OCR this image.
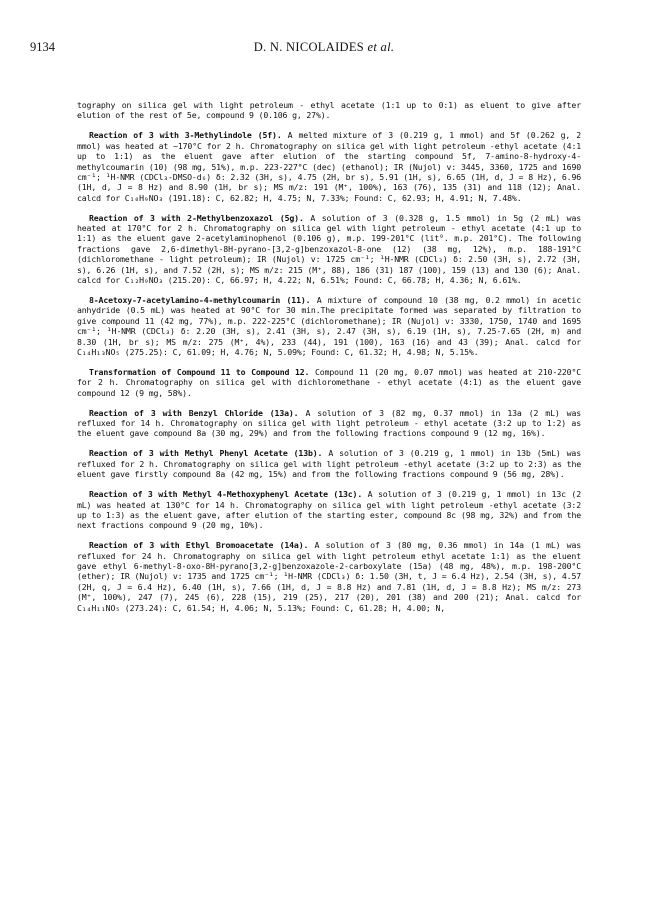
9134	D. N. NICOLAIDES et al.

tography on silica gel with light petroleum - ethyl acetate (1:1 up to 0:1) as eluent to give after elution of the rest of 5e, compound 9 (0.106 g, 27%).

Reaction of 3 with 3-Methylindole (5f). A melted mixture of 3 (0.219 g, 1 mmol) and 5f (0.262 g, 2 mmol) was heated at ~170°C for 2 h. Chromatography on silica gel with light petroleum -ethyl acetate (4:1 up to 1:1) as the eluent gave after elution of the starting compound 5f, 7-amino-8-hydroxy-4-methylcoumarin (10) (98 mg, 51%), m.p. 223-227°C (dec) (ethanol); IR (Nujol) v: 3445, 3360, 1725 and 1690 cm⁻¹; ¹H-NMR (CDCl₃-DMSO-d₆) δ: 2.32 (3H, s), 4.75 (2H, br s), 5.91 (1H, s), 6.65 (1H, d, J = 8 Hz), 6.96 (1H, d, J = 8 Hz) and 8.90 (1H, br s); MS m/z: 191 (M⁺, 100%), 163 (76), 135 (31) and 118 (12); Anal. calcd for C₁₀H₉NO₃ (191.18): C, 62.82; H, 4.75; N, 7.33%; Found: C, 62.93; H, 4.91; N, 7.48%.

Reaction of 3 with 2-Methylbenzoxazol (5g). A solution of 3 (0.328 g, 1.5 mmol) in 5g (2 mL) was heated at 170°C for 2 h. Chromatography on silica gel with light petroleum - ethyl acetate (4:1 up to 1:1) as the eluent gave 2-acetylaminophenol (0.106 g), m.p. 199-201°C (lit⁹. m.p. 201°C). The following fractions gave 2,6-dimethyl-8H-pyrano-[3,2-g]benzoxazol-8-one (12) (38 mg, 12%), m.p. 188-191°C (dichloromethane - light petroleum); IR (Nujol) v: 1725 cm⁻¹; ¹H-NMR (CDCl₃) δ: 2.50 (3H, s), 2.72 (3H, s), 6.26 (1H, s), and 7.52 (2H, s); MS m/z: 215 (M⁺, 88), 186 (31) 187 (100), 159 (13) and 130 (6); Anal. calcd for C₁₂H₉NO₃ (215.20): C, 66.97; H, 4.22; N, 6.51%; Found: C, 66.78; H, 4.36; N, 6.61%.

8-Acetoxy-7-acetylamino-4-methylcoumarin (11). A mixture of compound 10 (38 mg, 0.2 mmol) in acetic anhydride (0.5 mL) was heated at 90°C for 30 min.The precipitate formed was separated by filtration to give compound 11 (42 mg, 77%), m.p. 222-225°C (dichloromethane); IR (Nujol) v: 3330, 1750, 1740 and 1695 cm⁻¹; ¹H-NMR (CDCl₃) δ: 2.20 (3H, s), 2.41 (3H, s), 2.47 (3H, s), 6.19 (1H, s), 7.25-7.65 (2H, m) and 8.30 (1H, br s); MS m/z: 275 (M⁺, 4%), 233 (44), 191 (100), 163 (16) and 43 (39); Anal. calcd for C₁₄H₁₃NO₅ (275.25): C, 61.09; H, 4.76; N, 5.09%; Found: C, 61.32; H, 4.98; N, 5.15%.

Transformation of Compound 11 to Compound 12. Compound 11 (20 mg, 0.07 mmol) was heated at 210-220°C for 2 h. Chromatography on silica gel with dichloromethane - ethyl acetate (4:1) as the eluent gave compound 12 (9 mg, 58%).

Reaction of 3 with Benzyl Chloride (13a). A solution of 3 (82 mg, 0.37 mmol) in 13a (2 mL) was refluxed for 14 h. Chromatography on silica gel with light petroleum - ethyl acetate (3:2 up to 1:2) as the eluent gave compound 8a (30 mg, 29%) and from the following fractions compound 9 (12 mg, 16%).

Reaction of 3 with Methyl Phenyl Acetate (13b). A solution of 3 (0.219 g, 1 mmol) in 13b (5mL) was refluxed for 2 h. Chromatography on silica gel with light petroleum -ethyl acetate (3:2 up to 2:3) as the eluent gave firstly compound 8a (42 mg, 15%) and from the following fractions compound 9 (56 mg, 28%).

Reaction of 3 with Methyl 4-Methoxyphenyl Acetate (13c). A solution of 3 (0.219 g, 1 mmol) in 13c (2 mL) was heated at 130°C for 14 h. Chromatography on silica gel with light petroleum -ethyl acetate (3:2 up to 1:3) as the eluent gave, after elution of the starting ester, compound 8c (98 mg, 32%) and from the next fractions compound 9 (20 mg, 10%).

Reaction of 3 with Ethyl Bromoacetate (14a). A solution of 3 (80 mg, 0.36 mmol) in 14a (1 mL) was refluxed for 24 h. Chromatography on silica gel with light petroleum ethyl acetate 1:1) as the eluent gave ethyl 6-methyl-8-oxo-8H-pyrano[3,2-g]benzoxazole-2-carboxylate (15a) (48 mg, 48%), m.p. 198-200°C (ether); IR (Nujol) v: 1735 and 1725 cm⁻¹; ¹H-NMR (CDCl₃) δ: 1.50 (3H, t, J = 6.4 Hz), 2.54 (3H, s), 4.57 (2H, q, J = 6.4 Hz), 6.40 (1H, s), 7.66 (1H, d, J = 8.8 Hz) and 7.81 (1H, d, J = 8.8 Hz); MS m/z: 273 (M⁺, 100%), 247 (7), 245 (6), 228 (15), 219 (25), 217 (20), 201 (38) and 200 (21); Anal. calcd for C₁₄H₁₁NO₅ (273.24): C, 61.54; H, 4.06; N, 5.13%; Found: C, 61.28; H, 4.00; N,
